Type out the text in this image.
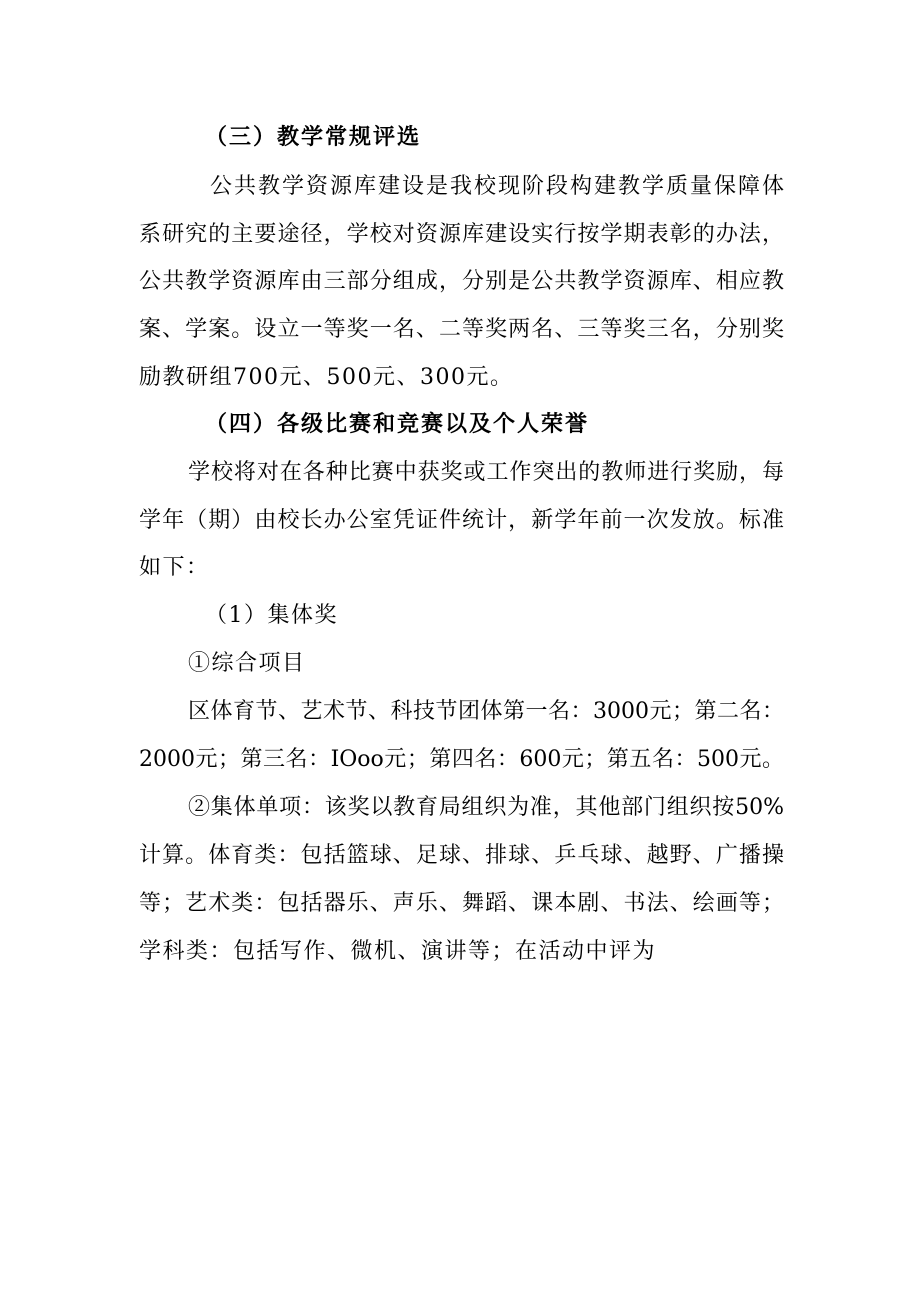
（三）教学常规评选
公共教学资源库建设是我校现阶段构建教学质量保障体
系研究的主要途径，学校对资源库建设实行按学期表彰的办法，
公共教学资源库由三部分组成，分别是公共教学资源库、相应教
案、学案。设立一等奖一名、二等奖两名、三等奖三名，分别奖
励教研组700元、500元、300元。
（四）各级比赛和竞赛以及个人荣誉
学校将对在各种比赛中获奖或工作突出的教师进行奖励，每
学年（期）由校长办公室凭证件统计，新学年前一次发放。标准
如下：
（1）集体奖
①综合项目
区体育节、艺术节、科技节团体第一名：3000元；第二名：
2000元；第三名：IOoo元；第四名：600元；第五名：500元。
②集体单项：该奖以教育局组织为准，其他部门组织按50%
计算。体育类：包括篮球、足球、排球、乒乓球、越野、广播操
等；艺术类：包括器乐、声乐、舞蹈、课本剧、书法、绘画等；
学科类：包括写作、微机、演讲等；在活动中评为
